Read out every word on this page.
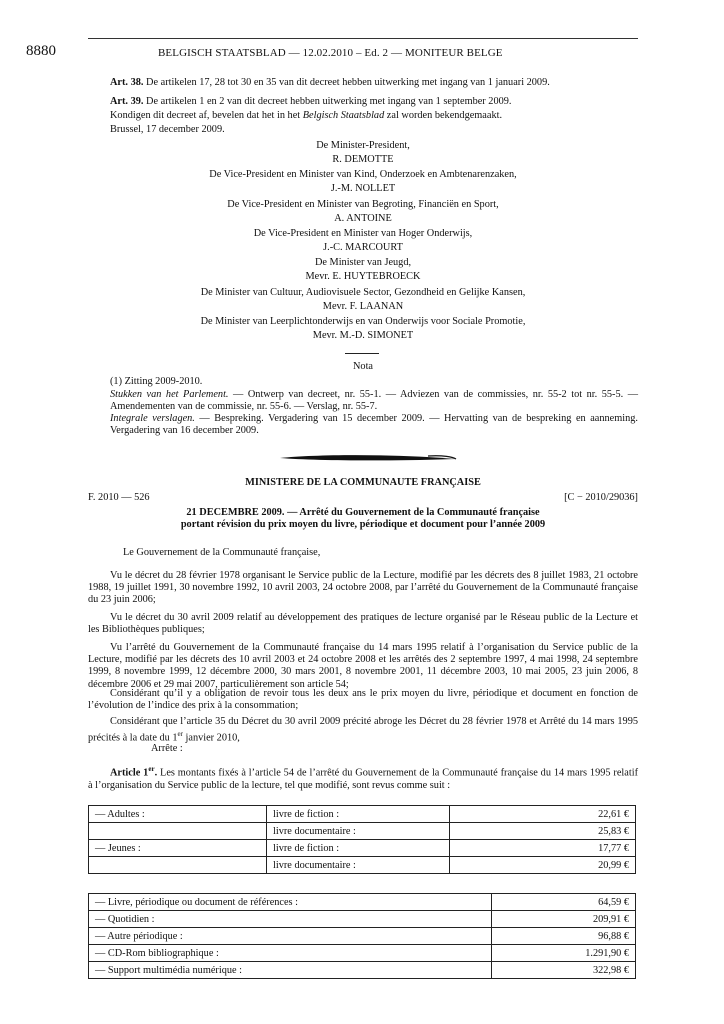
8880	BELGISCH STAATSBLAD — 12.02.2010 – Ed. 2 — MONITEUR BELGE
Art. 38. De artikelen 17, 28 tot 30 en 35 van dit decreet hebben uitwerking met ingang van 1 januari 2009.
Art. 39. De artikelen 1 en 2 van dit decreet hebben uitwerking met ingang van 1 september 2009.
Kondigen dit decreet af, bevelen dat het in het Belgisch Staatsblad zal worden bekendgemaakt.
Brussel, 17 december 2009.
De Minister-President,
R. DEMOTTE
De Vice-President en Minister van Kind, Onderzoek en Ambtenarenzaken,
J.-M. NOLLET
De Vice-President en Minister van Begroting, Financiën en Sport,
A. ANTOINE
De Vice-President en Minister van Hoger Onderwijs,
J.-C. MARCOURT
De Minister van Jeugd,
Mevr. E. HUYTEBROECK
De Minister van Cultuur, Audiovisuele Sector, Gezondheid en Gelijke Kansen,
Mevr. F. LAANAN
De Minister van Leerplichtonderwijs en van Onderwijs voor Sociale Promotie,
Mevr. M.-D. SIMONET
Nota
(1) Zitting 2009-2010.
Stukken van het Parlement. — Ontwerp van decreet, nr. 55-1. — Adviezen van de commissies, nr. 55-2 tot nr. 55-5. — Amendementen van de commissie, nr. 55-6. — Verslag, nr. 55-7.
Integrale verslagen. — Bespreking. Vergadering van 15 december 2009. — Hervatting van de bespreking en aanneming. Vergadering van 16 december 2009.
MINISTERE DE LA COMMUNAUTE FRANÇAISE
F. 2010 — 526	[C − 2010/29036]
21 DECEMBRE 2009. — Arrêté du Gouvernement de la Communauté française
portant révision du prix moyen du livre, périodique et document pour l’année 2009
Le Gouvernement de la Communauté française,
Vu le décret du 28 février 1978 organisant le Service public de la Lecture, modifié par les décrets des 8 juillet 1983, 21 octobre 1988, 19 juillet 1991, 30 novembre 1992, 10 avril 2003, 24 octobre 2008, par l’arrêté du Gouvernement de la Communauté française du 23 juin 2006;
Vu le décret du 30 avril 2009 relatif au développement des pratiques de lecture organisé par le Réseau public de la Lecture et les Bibliothèques publiques;
Vu l’arrêté du Gouvernement de la Communauté française du 14 mars 1995 relatif à l’organisation du Service public de la Lecture, modifié par les décrets des 10 avril 2003 et 24 octobre 2008 et les arrêtés des 2 septembre 1997, 4 mai 1998, 24 septembre 1999, 8 novembre 1999, 12 décembre 2000, 30 mars 2001, 8 novembre 2001, 11 décembre 2003, 10 mai 2005, 23 juin 2006, 8 décembre 2006 et 29 mai 2007, particulièrement son article 54;
Considérant qu’il y a obligation de revoir tous les deux ans le prix moyen du livre, périodique et document en fonction de l’évolution de l’indice des prix à la consommation;
Considérant que l’article 35 du Décret du 30 avril 2009 précité abroge les Décret du 28 février 1978 et Arrêté du 14 mars 1995 précités à la date du 1er janvier 2010,
Arrête :
Article 1er. Les montants fixés à l’article 54 de l’arrêté du Gouvernement de la Communauté française du 14 mars 1995 relatif à l’organisation du Service public de la lecture, tel que modifié, sont revus comme suit :
— Adultes :	livre de fiction :	22,61 €
	livre documentaire :	25,83 €
— Jeunes :	livre de fiction :	17,77 €
	livre documentaire :	20,99 €
— Livre, périodique ou document de références :	64,59 €
— Quotidien :	209,91 €
— Autre périodique :	96,88 €
— CD-Rom bibliographique :	1.291,90 €
— Support multimédia numérique :	322,98 €
